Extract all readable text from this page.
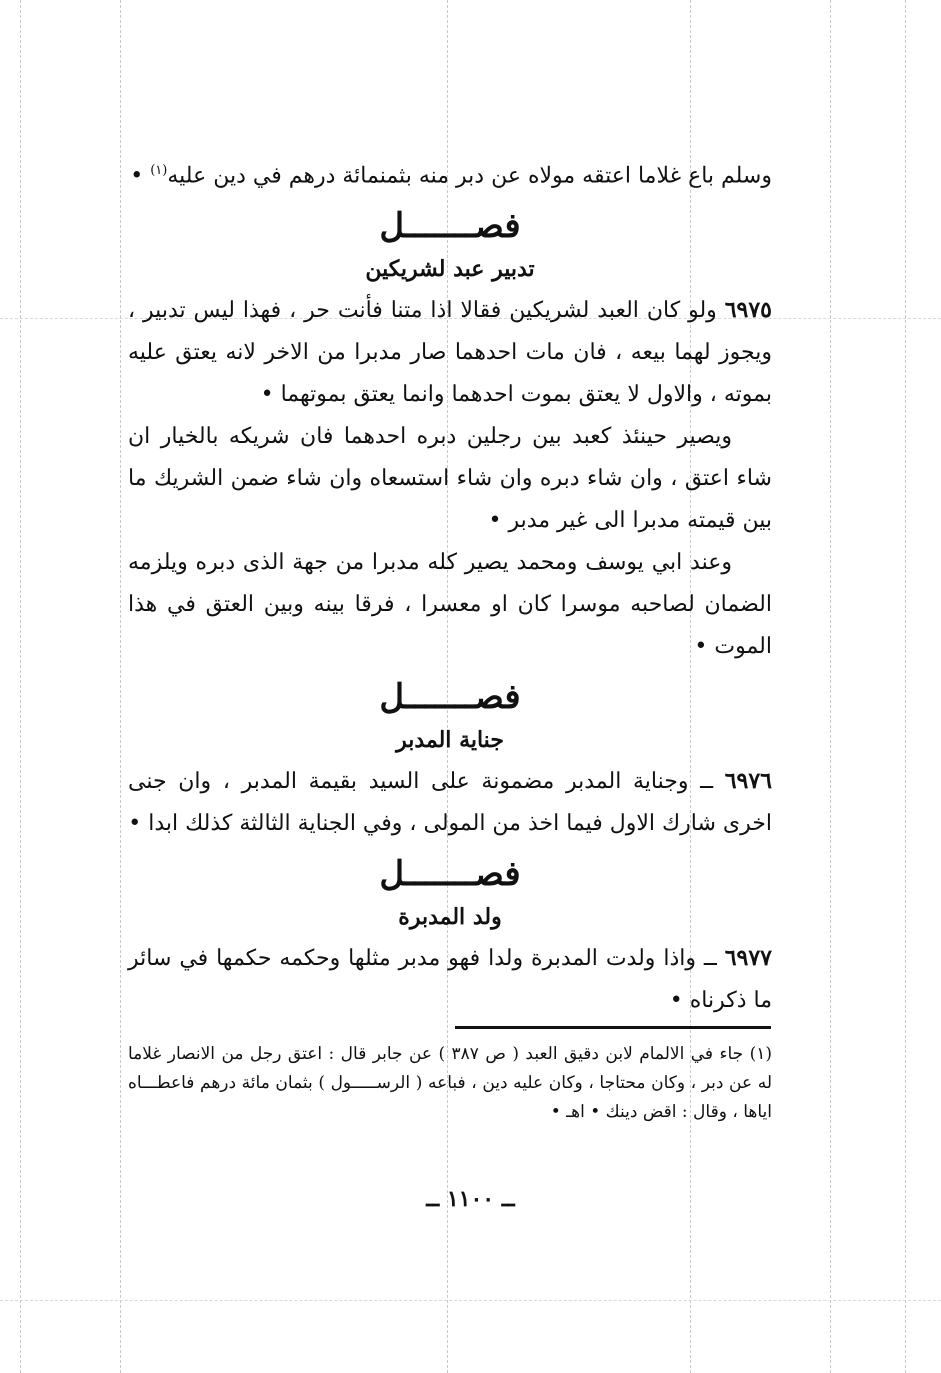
وسلم باع غلاما اعتقه مولاه عن دبر منه بثمنمائة درهم في دين عليه$^{(١)}$ •

فصـــــــل
تدبير عبد لشريكين

٦٩٧٥ ولو كان العبد لشريكين فقالا اذا متنا فأنت حر ، فهذا ليس تدبير ، ويجوز لهما بيعه ، فان مات احدهما صار مدبرا من الاخر لانه يعتق عليه بموته ، والاول لا يعتق بموت احدهما وانما يعتق بموتهما •

ويصير حينئذ كعبد بين رجلين دبره احدهما فان شريكه بالخيار ان شاء اعتق ، وان شاء دبره وان شاء استسعاه وان شاء ضمن الشريك ما بين قيمته مدبرا الى غير مدبر •

وعند ابي يوسف ومحمد يصير كله مدبرا من جهة الذى دبره ويلزمه الضمان لصاحبه موسرا كان او معسرا ، فرقا بينه وبين العتق في هذا الموت •

فصـــــــل
جناية المدبر

٦٩٧٦ ــ وجناية المدبر مضمونة على السيد بقيمة المدبر ، وان جنى اخرى شارك الاول فيما اخذ من المولى ، وفي الجناية الثالثة كذلك ابدا •

فصـــــــل
ولد المدبرة

٦٩٧٧ ــ واذا ولدت المدبرة ولدا فهو مدبر مثلها وحكمه حكمها في سائر ما ذكرناه •

(١) جاء في الالمام لابن دقيق العبد ( ص ٣٨٧ ) عن جابر قال : اعتق رجل من الانصار غلاما له عن دبر ، وكان محتاجا ، وكان عليه دين ، فباعه ( الرســـــول ) بثمان مائة درهم فاعطـــاه اياها ، وقال : اقض دينك • اهـ •

ــ ١١٠٠ ــ
